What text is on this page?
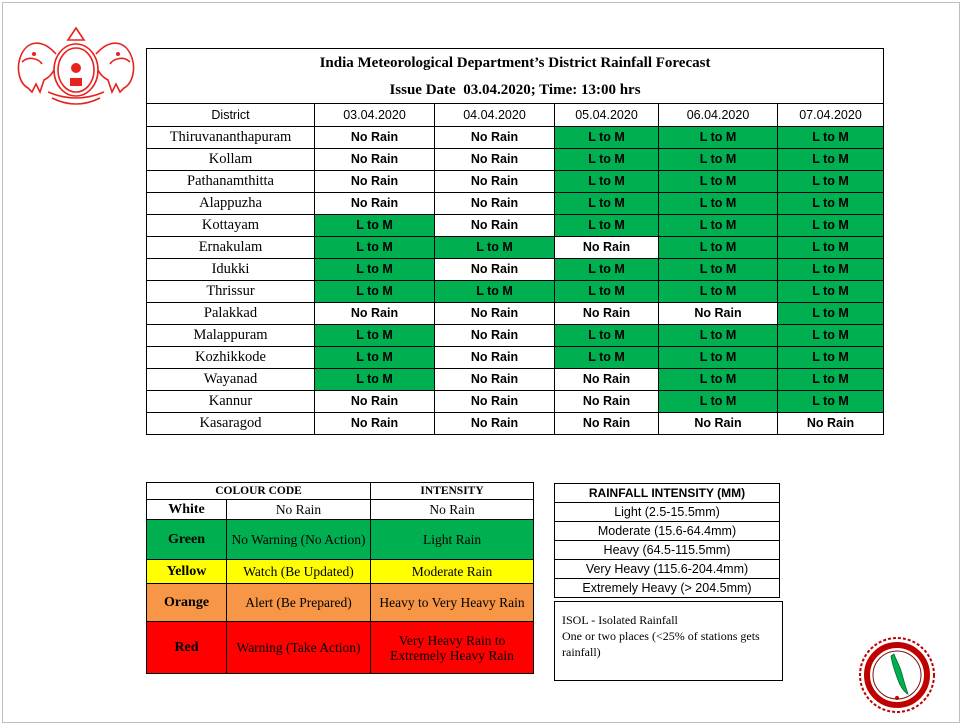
India Meteorological Department’s District Rainfall Forecast					
Issue Date 03.04.2020; Time: 13:00 hrs					
District	03.04.2020	04.04.2020	05.04.2020	06.04.2020	07.04.2020
Thiruvananthapuram	No Rain	No Rain	L to M	L to M	L to M
Kollam	No Rain	No Rain	L to M	L to M	L to M
Pathanamthitta	No Rain	No Rain	L to M	L to M	L to M
Alappuzha	No Rain	No Rain	L to M	L to M	L to M
Kottayam	L to M	No Rain	L to M	L to M	L to M
Ernakulam	L to M	L to M	No Rain	L to M	L to M
Idukki	L to M	No Rain	L to M	L to M	L to M
Thrissur	L to M	L to M	L to M	L to M	L to M
Palakkad	No Rain	No Rain	No Rain	No Rain	L to M
Malappuram	L to M	No Rain	L to M	L to M	L to M
Kozhikkode	L to M	No Rain	L to M	L to M	L to M
Wayanad	L to M	No Rain	No Rain	L to M	L to M
Kannur	No Rain	No Rain	No Rain	L to M	L to M
Kasaragod	No Rain	No Rain	No Rain	No Rain	No Rain
COLOUR CODE		INTENSITY
White	No Rain	No Rain
Green	No Warning (No Action)	Light Rain
Yellow	Watch (Be Updated)	Moderate Rain
Orange	Alert (Be Prepared)	Heavy to Very Heavy Rain
Red	Warning (Take Action)	Very Heavy Rain to Extremely Heavy Rain
RAINFALL INTENSITY (MM)
Light (2.5-15.5mm)
Moderate (15.6-64.4mm)
Heavy (64.5-115.5mm)
Very Heavy (115.6-204.4mm)
Extremely Heavy (> 204.5mm)
ISOL - Isolated Rainfall
One or two places (<25% of stations gets rainfall)
